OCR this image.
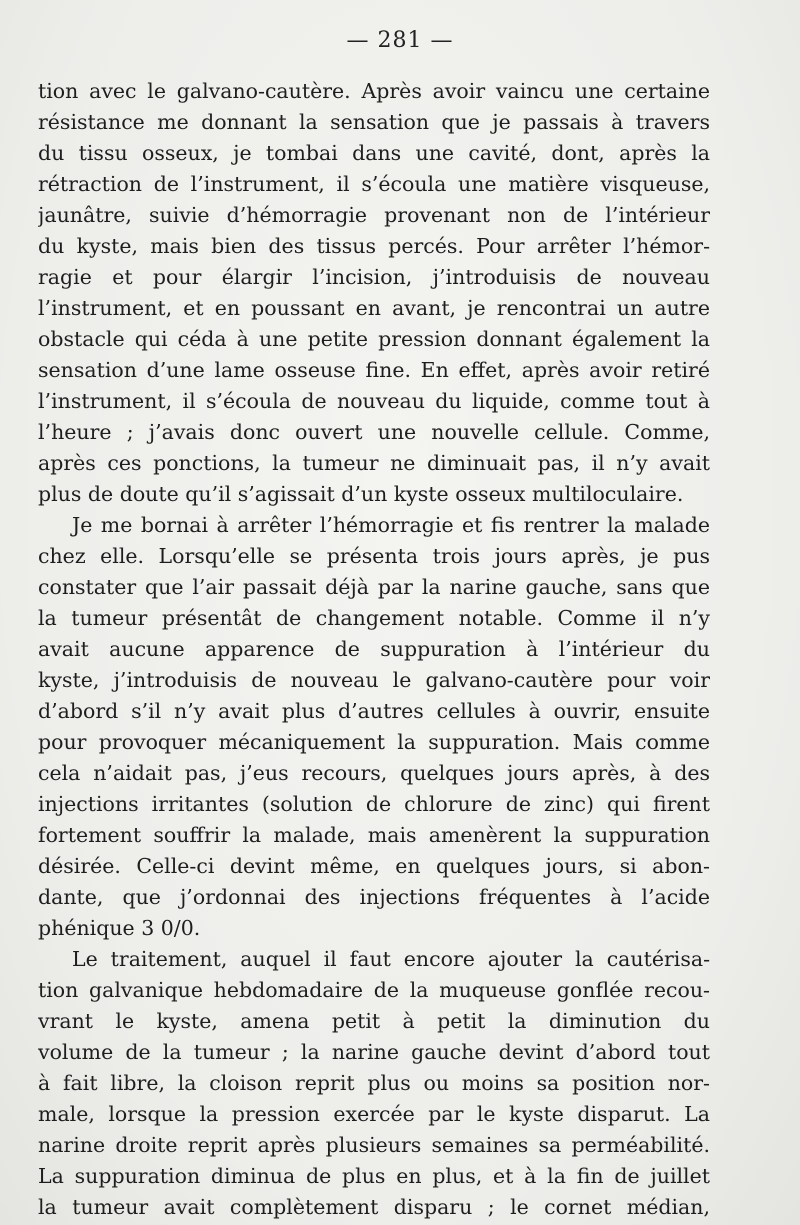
— 281 —
tion avec le galvano-cautère. Après avoir vaincu une certaine
résistance me donnant la sensation que je passais à travers
du tissu osseux, je tombai dans une cavité, dont, après la
rétraction de l’instrument, il s’écoula une matière visqueuse,
jaunâtre, suivie d’hémorragie provenant non de l’intérieur
du kyste, mais bien des tissus percés. Pour arrêter l’hémor-
ragie et pour élargir l’incision, j’introduisis de nouveau
l’instrument, et en poussant en avant, je rencontrai un autre
obstacle qui céda à une petite pression donnant également la
sensation d’une lame osseuse fine. En effet, après avoir retiré
l’instrument, il s’écoula de nouveau du liquide, comme tout à
l’heure ; j’avais donc ouvert une nouvelle cellule. Comme,
après ces ponctions, la tumeur ne diminuait pas, il n’y avait
plus de doute qu’il s’agissait d’un kyste osseux multiloculaire.
Je me bornai à arrêter l’hémorragie et fis rentrer la malade
chez elle. Lorsqu’elle se présenta trois jours après, je pus
constater que l’air passait déjà par la narine gauche, sans que
la tumeur présentât de changement notable. Comme il n’y
avait aucune apparence de suppuration à l’intérieur du
kyste, j’introduisis de nouveau le galvano-cautère pour voir
d’abord s’il n’y avait plus d’autres cellules à ouvrir, ensuite
pour provoquer mécaniquement la suppuration. Mais comme
cela n’aidait pas, j’eus recours, quelques jours après, à des
injections irritantes (solution de chlorure de zinc) qui firent
fortement souffrir la malade, mais amenèrent la suppuration
désirée. Celle-ci devint même, en quelques jours, si abon-
dante, que j’ordonnai des injections fréquentes à l’acide
phénique 3 0/0.
Le traitement, auquel il faut encore ajouter la cautérisa-
tion galvanique hebdomadaire de la muqueuse gonflée recou-
vrant le kyste, amena petit à petit la diminution du
volume de la tumeur ; la narine gauche devint d’abord tout
à fait libre, la cloison reprit plus ou moins sa position nor-
male, lorsque la pression exercée par le kyste disparut. La
narine droite reprit après plusieurs semaines sa perméabilité.
La suppuration diminua de plus en plus, et à la fin de juillet
la tumeur avait complètement disparu ; le cornet médian,
